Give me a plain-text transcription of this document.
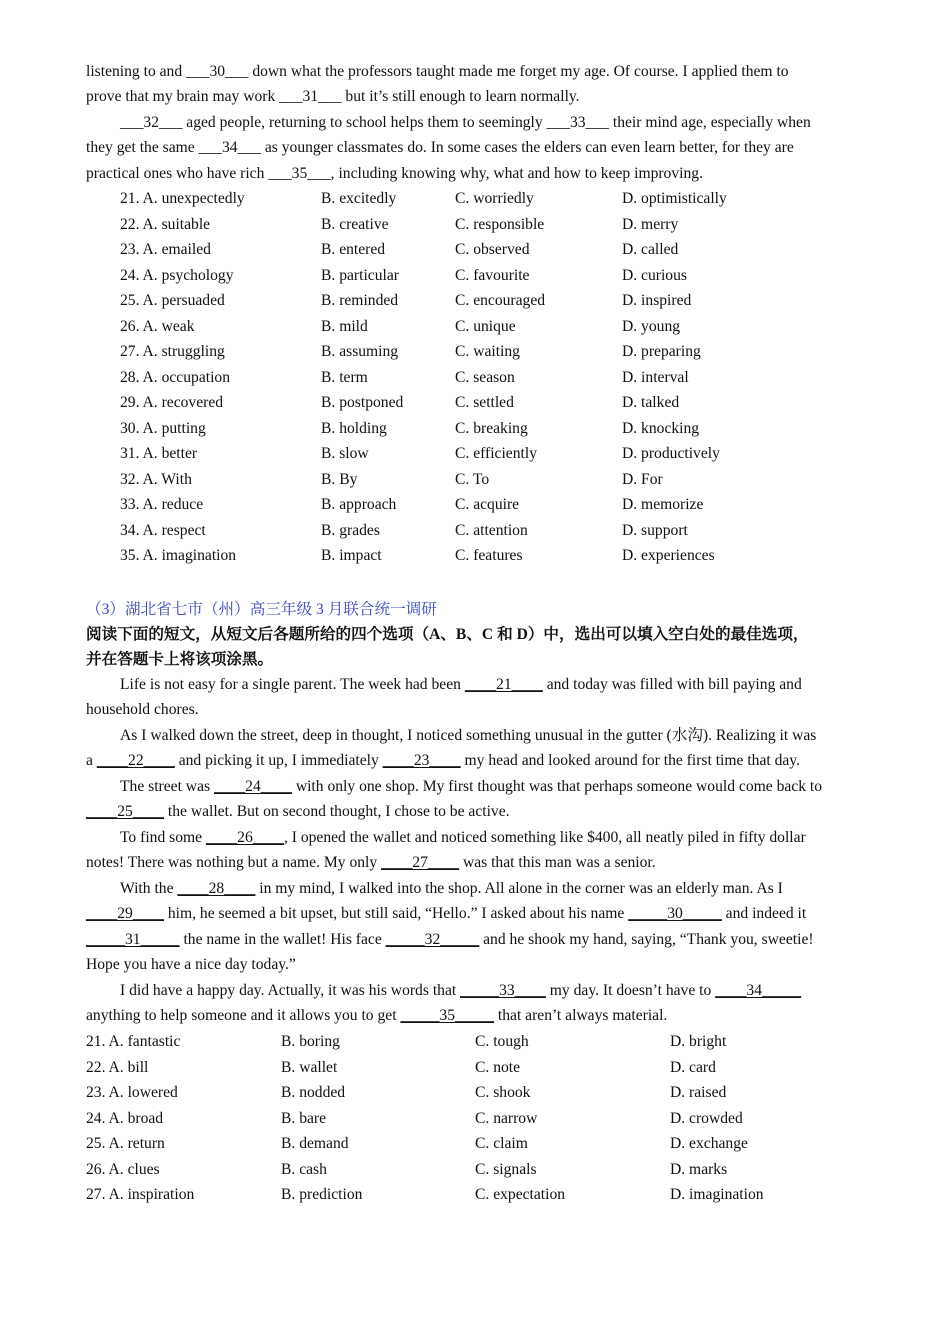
listening to and ___30___ down what the professors taught made me forget my age. Of course. I applied them to
prove that my brain may work ___31___ but it’s still enough to learn normally.
___32___ aged people, returning to school helps them to seemingly ___33___ their mind age, especially when
they get the same ___34___ as younger classmates do. In some cases the elders can even learn better, for they are
practical ones who have rich ___35___, including knowing why, what and how to keep improving.
21. A. unexpectedly	B. excitedly	C. worriedly	D. optimistically
22. A. suitable	B. creative	C. responsible	D. merry
23. A. emailed	B. entered	C. observed	D. called
24. A. psychology	B. particular	C. favourite	D. curious
25. A. persuaded	B. reminded	C. encouraged	D. inspired
26. A. weak	B. mild	C. unique	D. young
27. A. struggling	B. assuming	C. waiting	D. preparing
28. A. occupation	B. term	C. season	D. interval
29. A. recovered	B. postponed	C. settled	D. talked
30. A. putting	B. holding	C. breaking	D. knocking
31. A. better	B. slow	C. efficiently	D. productively
32. A. With	B. By	C. To	D. For
33. A. reduce	B. approach	C. acquire	D. memorize
34. A. respect	B. grades	C. attention	D. support
35. A. imagination	B. impact	C. features	D. experiences
（3）湖北省七市（州）高三年级 3 月联合统一调研
阅读下面的短文，从短文后各题所给的四个选项（A、B、C 和 D）中，选出可以填入空白处的最佳选项，
并在答题卡上将该项涂黑。
Life is not easy for a single parent. The week had been ____21____ and today was filled with bill paying and
household chores.
As I walked down the street, deep in thought, I noticed something unusual in the gutter (水沟). Realizing it was
a ____22____ and picking it up, I immediately ____23____ my head and looked around for the first time that day.
The street was ____24____ with only one shop. My first thought was that perhaps someone would come back to
____25____ the wallet. But on second thought, I chose to be active.
To find some ____26____, I opened the wallet and noticed something like $400, all neatly piled in fifty dollar
notes! There was nothing but a name. My only ____27____ was that this man was a senior.
With the ____28____ in my mind, I walked into the shop. All alone in the corner was an elderly man. As I
____29____ him, he seemed a bit upset, but still said, “Hello.” I asked about his name _____30_____ and indeed it
_____31_____ the name in the wallet! His face _____32_____ and he shook my hand, saying, “Thank you, sweetie!
Hope you have a nice day today.”
I did have a happy day. Actually, it was his words that _____33____ my day. It doesn’t have to ____34_____
anything to help someone and it allows you to get _____35_____ that aren’t always material.
21. A. fantastic	B. boring	C. tough	D. bright
22. A. bill	B. wallet	C. note	D. card
23. A. lowered	B. nodded	C. shook	D. raised
24. A. broad	B. bare	C. narrow	D. crowded
25. A. return	B. demand	C. claim	D. exchange
26. A. clues	B. cash	C. signals	D. marks
27. A. inspiration	B. prediction	C. expectation	D. imagination
